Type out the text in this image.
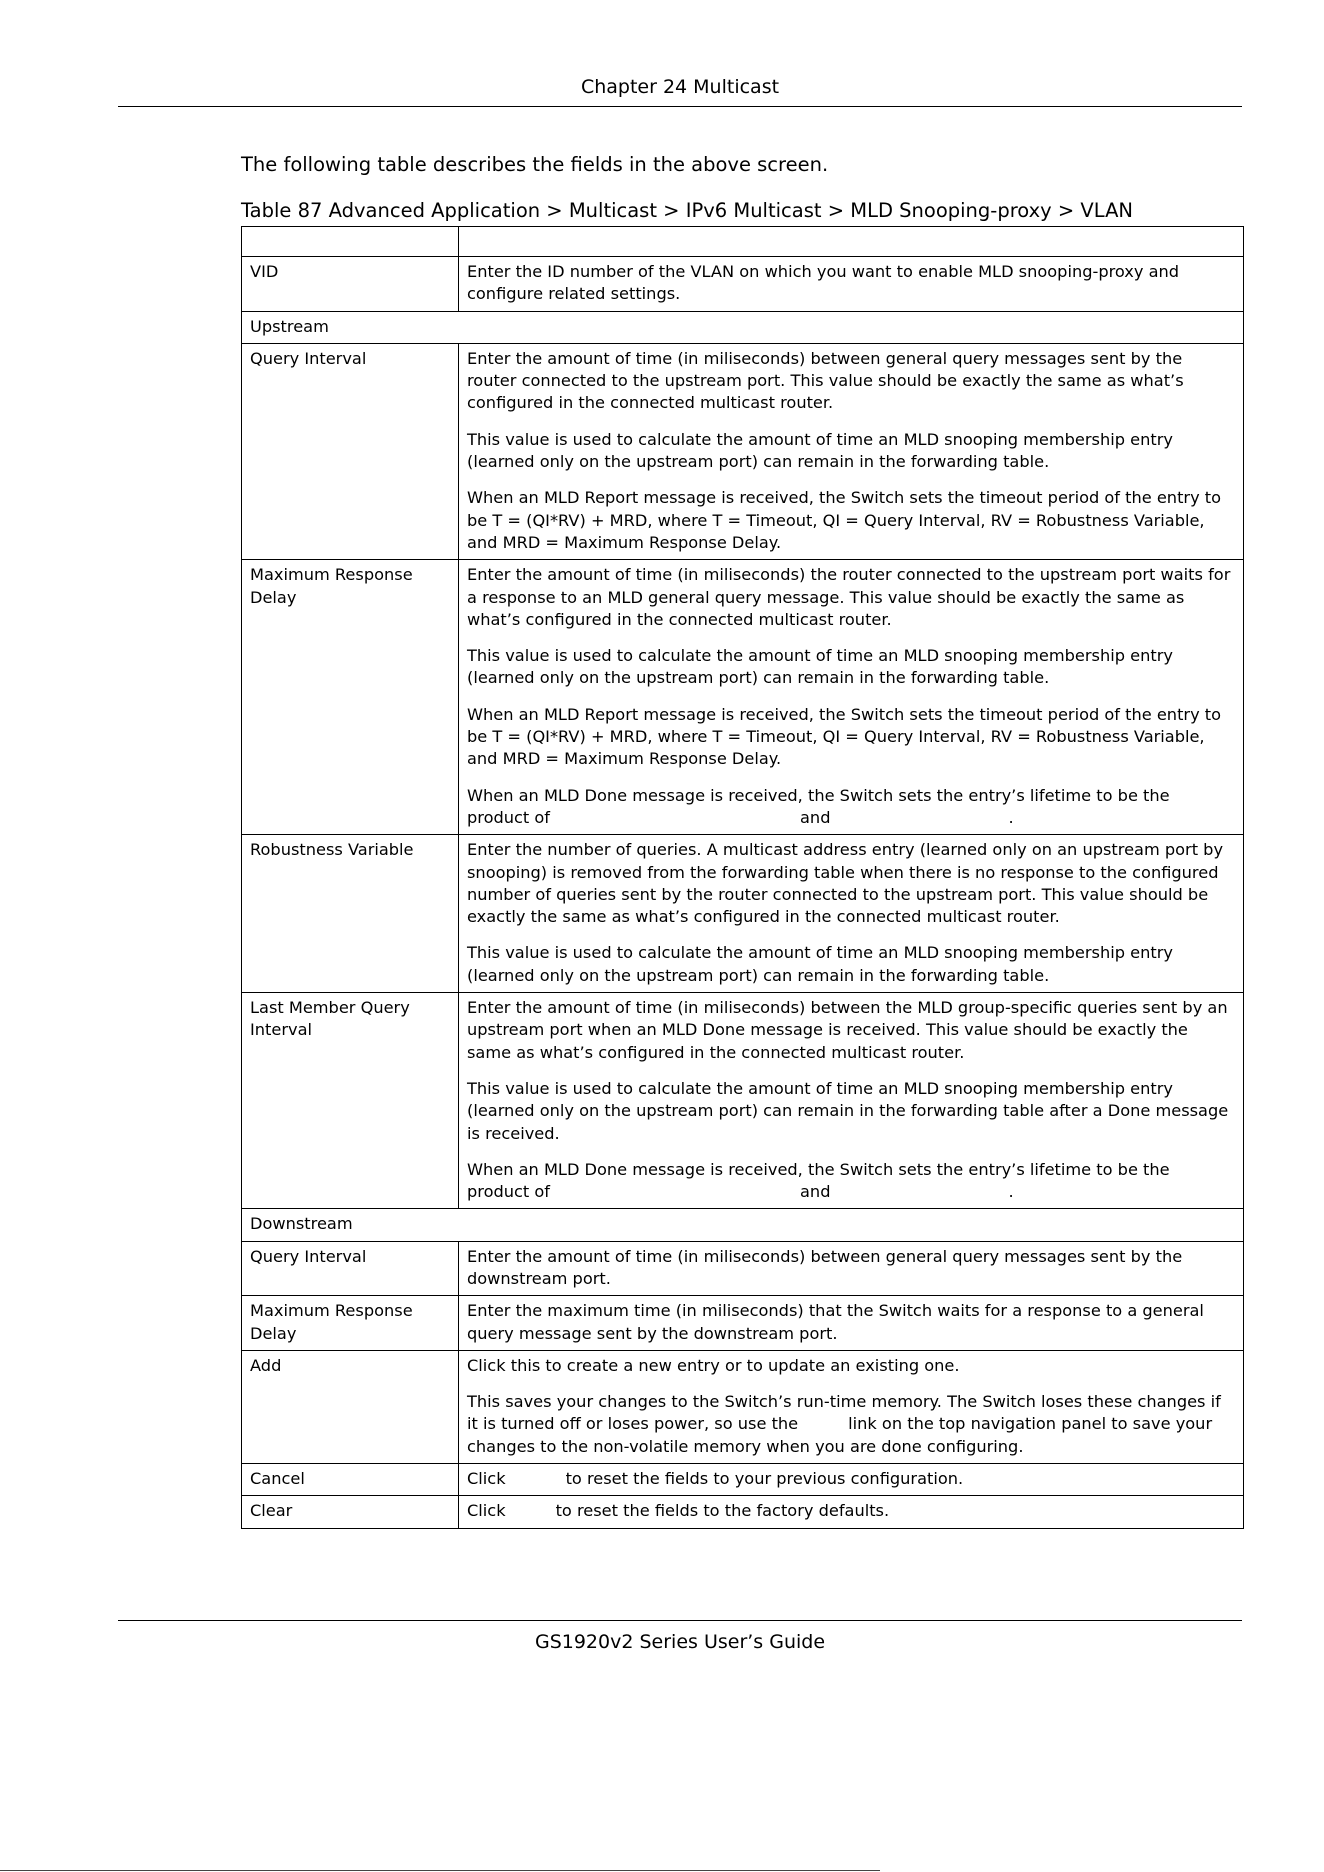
Chapter 24 Multicast
The following table describes the fields in the above screen.
Table 87 Advanced Application > Multicast > IPv6 Multicast > MLD Snooping-proxy > VLAN

VID	Enter the ID number of the VLAN on which you want to enable MLD snooping-proxy and configure related settings.
Upstream	
Query Interval	Enter the amount of time (in miliseconds) between general query messages sent by the router connected to the upstream port. This value should be exactly the same as what’s configured in the connected multicast router.

This value is used to calculate the amount of time an MLD snooping membership entry (learned only on the upstream port) can remain in the forwarding table.

When an MLD Report message is received, the Switch sets the timeout period of the entry to be T = (QI*RV) + MRD, where T = Timeout, QI = Query Interval, RV = Robustness Variable, and MRD = Maximum Response Delay.

Maximum Response Delay	Enter the amount of time (in miliseconds) the router connected to the upstream port waits for a response to an MLD general query message. This value should be exactly the same as what’s configured in the connected multicast router.

This value is used to calculate the amount of time an MLD snooping membership entry (learned only on the upstream port) can remain in the forwarding table.

When an MLD Report message is received, the Switch sets the timeout period of the entry to be T = (QI*RV) + MRD, where T = Timeout, QI = Query Interval, RV = Robustness Variable, and MRD = Maximum Response Delay.

When an MLD Done message is received, the Switch sets the entry’s lifetime to be the product of and .

Robustness Variable	Enter the number of queries. A multicast address entry (learned only on an upstream port by snooping) is removed from the forwarding table when there is no response to the configured number of queries sent by the router connected to the upstream port. This value should be exactly the same as what’s configured in the connected multicast router.

This value is used to calculate the amount of time an MLD snooping membership entry (learned only on the upstream port) can remain in the forwarding table.

Last Member Query Interval	Enter the amount of time (in miliseconds) between the MLD group-specific queries sent by an upstream port when an MLD Done message is received. This value should be exactly the same as what’s configured in the connected multicast router.

This value is used to calculate the amount of time an MLD snooping membership entry (learned only on the upstream port) can remain in the forwarding table after a Done message is received.

When an MLD Done message is received, the Switch sets the entry’s lifetime to be the product of and .

Downstream	
Query Interval	Enter the amount of time (in miliseconds) between general query messages sent by the downstream port.
Maximum Response Delay	Enter the maximum time (in miliseconds) that the Switch waits for a response to a general query message sent by the downstream port.
Add	Click this to create a new entry or to update an existing one.

This saves your changes to the Switch’s run-time memory. The Switch loses these changes if it is turned off or loses power, so use the link on the top navigation panel to save your changes to the non-volatile memory when you are done configuring.

Cancel	Click to reset the fields to your previous configuration.
Clear	Click to reset the fields to the factory defaults.
GS1920v2 Series User’s Guide
